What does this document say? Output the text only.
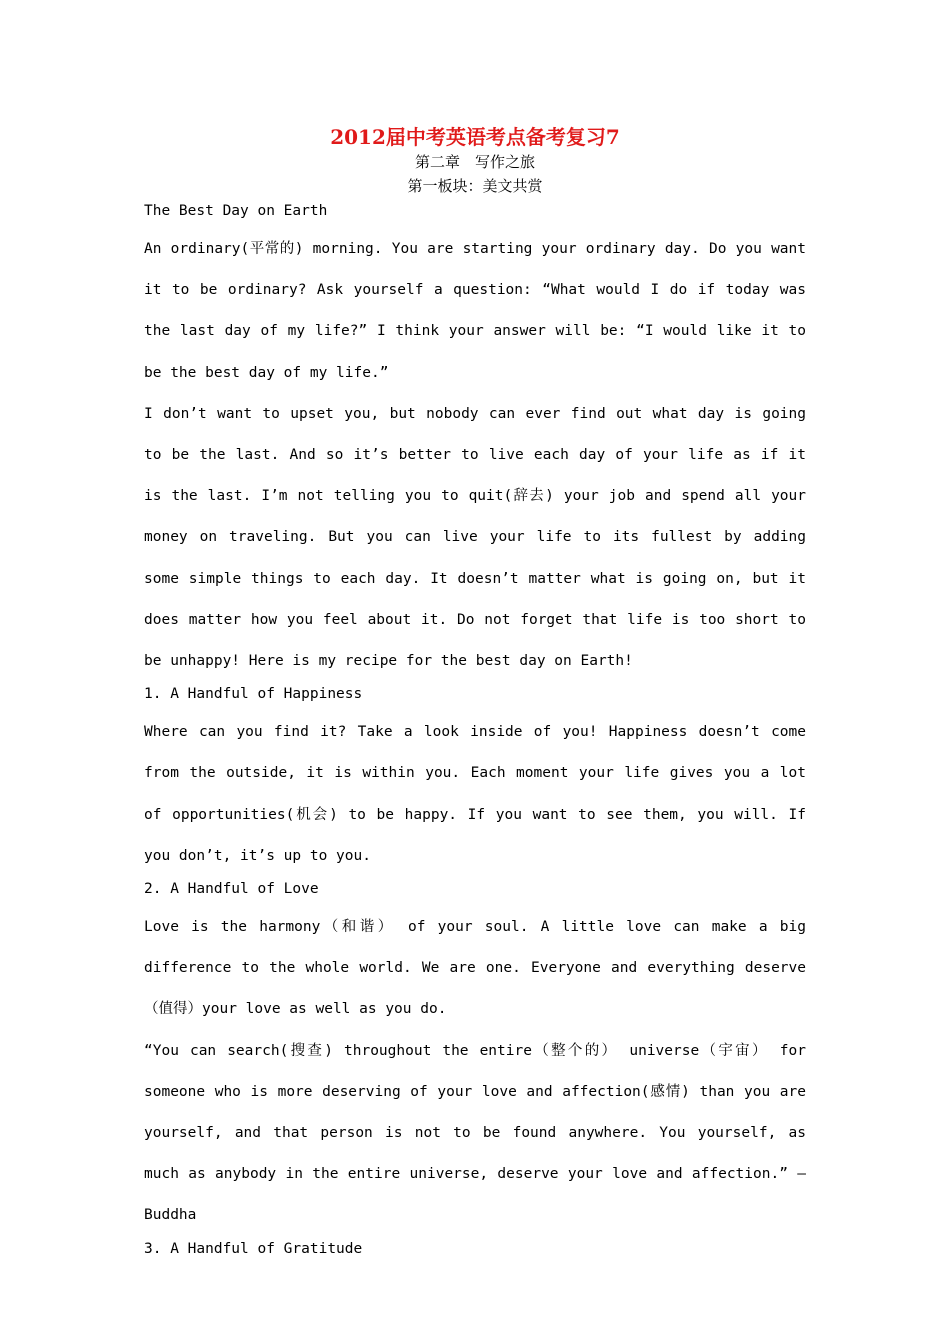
2012届中考英语考点备考复习7
第二章　写作之旅
第一板块：美文共赏

The Best Day on Earth

An ordinary(平常的) morning. You are starting your ordinary day. Do you want it to be ordinary? Ask yourself a question: “What would I do if today was the last day of my life?” I think your answer will be: “I would like it to be the best day of my life.”

I don’t want to upset you, but nobody can ever find out what day is going to be the last. And so it’s better to live each day of your life as if it is the last. I’m not telling you to quit(辞去) your job and spend all your money on traveling. But you can live your life to its fullest by adding some simple things to each day. It doesn’t matter what is going on, but it does matter how you feel about it. Do not forget that life is too short to be unhappy! Here is my recipe for the best day on Earth!

1. A Handful of Happiness

Where can you find it? Take a look inside of you! Happiness doesn’t come from the outside, it is within you. Each moment your life gives you a lot of opportunities(机会) to be happy. If you want to see them, you will. If you don’t, it’s up to you.

2. A Handful of Love

Love is the harmony（和谐） of your soul. A little love can make a big difference to the whole world. We are one. Everyone and everything deserve（值得）your love as well as you do.

“You can search(搜查) throughout the entire（整个的） universe（宇宙） for someone who is more deserving of your love and affection(感情) than you are yourself, and that person is not to be found anywhere. You yourself, as much as anybody in the entire universe, deserve your love and affection.” — Buddha

3. A Handful of Gratitude
